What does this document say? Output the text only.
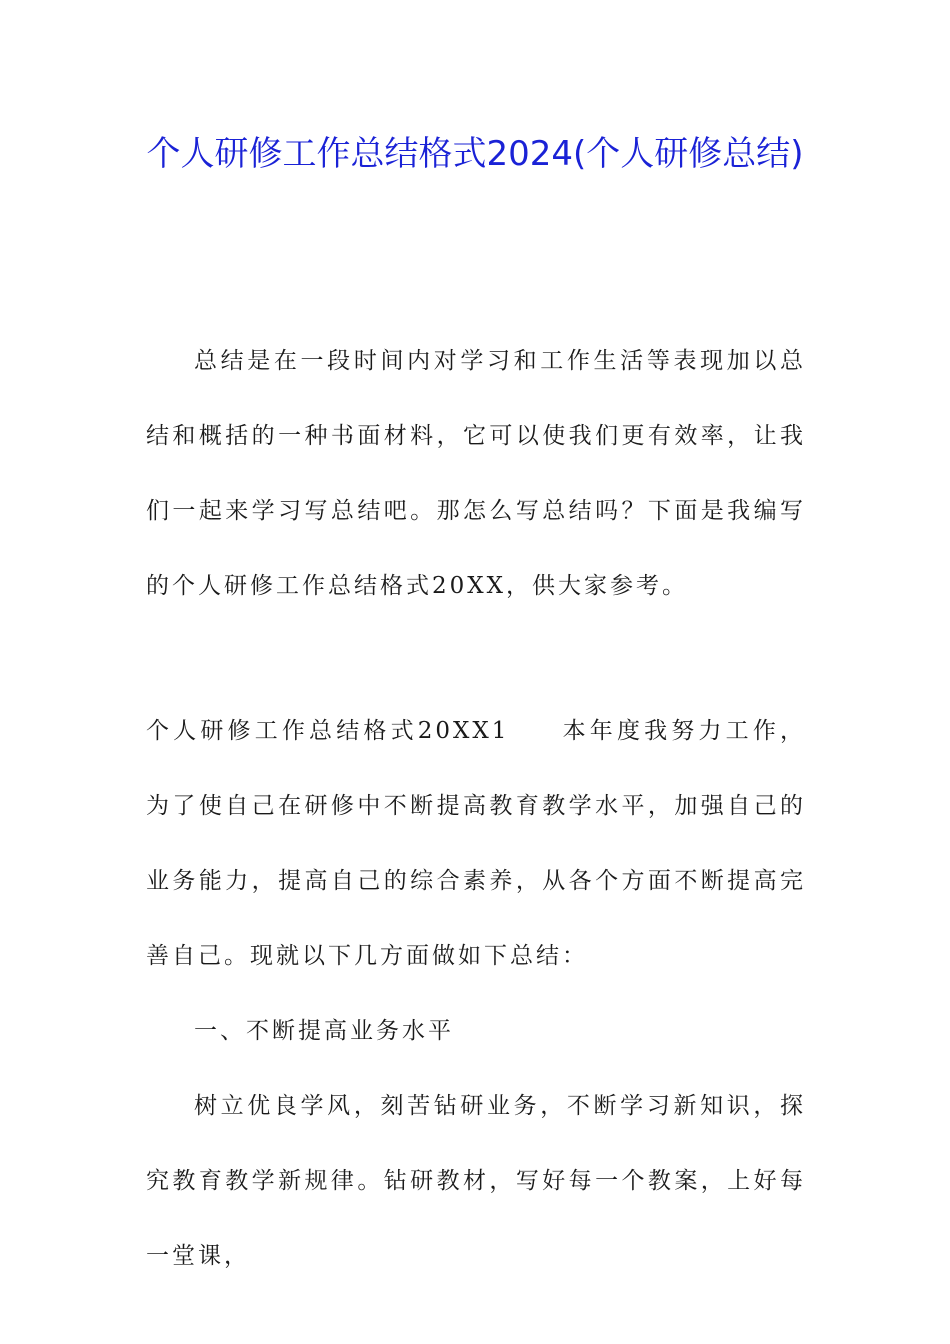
个人研修工作总结格式2024(个人研修总结)
总结是在一段时间内对学习和工作生活等表现加以总结和概括的一种书面材料，它可以使我们更有效率，让我们一起来学习写总结吧。那怎么写总结吗？下面是我编写的个人研修工作总结格式20XX，供大家参考。
个人研修工作总结格式20XX1 本年度我努力工作，为了使自己在研修中不断提高教育教学水平，加强自己的业务能力，提高自己的综合素养，从各个方面不断提高完善自己。现就以下几方面做如下总结：
一、不断提高业务水平
树立优良学风，刻苦钻研业务，不断学习新知识，探究教育教学新规律。钻研教材，写好每一个教案，上好每一堂课，
